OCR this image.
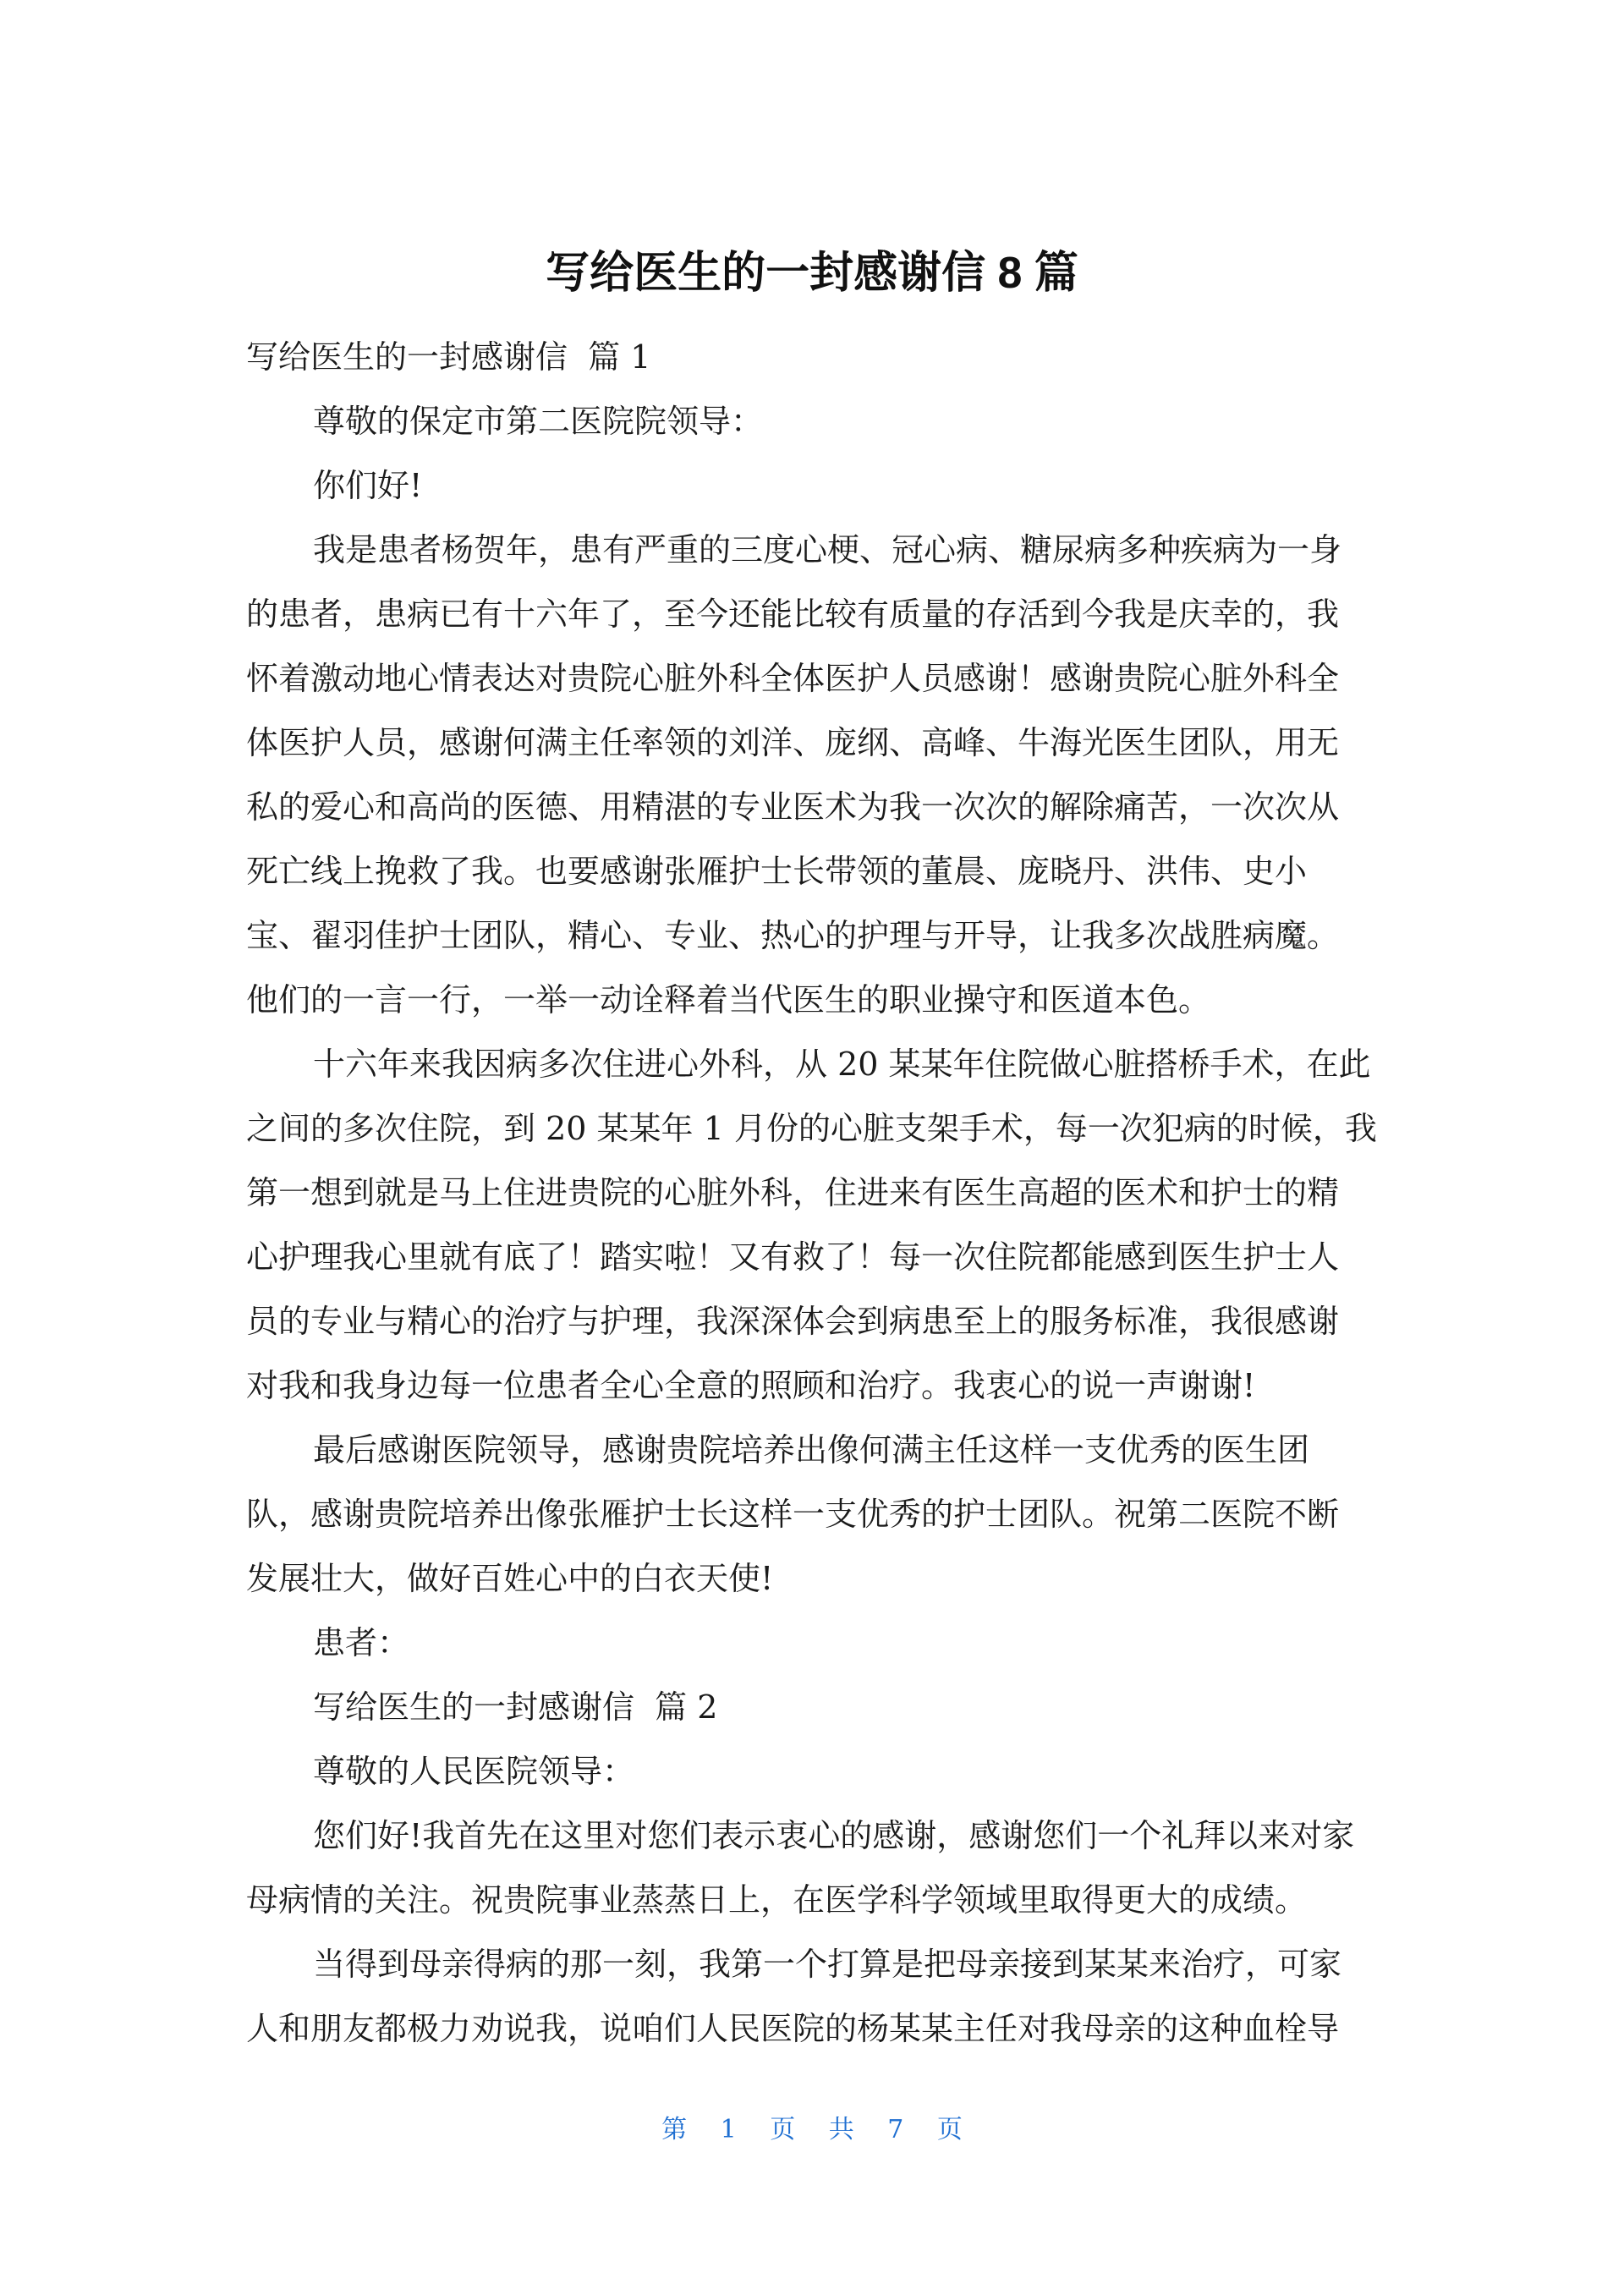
写给医生的一封感谢信 8 篇
写给医生的一封感谢信  篇 1
尊敬的保定市第二医院院领导：
你们好!
我是患者杨贺年，患有严重的三度心梗、冠心病、糖尿病多种疾病为一身
的患者，患病已有十六年了，至今还能比较有质量的存活到今我是庆幸的，我
怀着激动地心情表达对贵院心脏外科全体医护人员感谢！感谢贵院心脏外科全
体医护人员，感谢何满主任率领的刘洋、庞纲、高峰、牛海光医生团队，用无
私的爱心和高尚的医德、用精湛的专业医术为我一次次的解除痛苦，一次次从
死亡线上挽救了我。也要感谢张雁护士长带领的董晨、庞晓丹、洪伟、史小
宝、翟羽佳护士团队，精心、专业、热心的护理与开导，让我多次战胜病魔。
他们的一言一行，一举一动诠释着当代医生的职业操守和医道本色。
十六年来我因病多次住进心外科，从 20 某某年住院做心脏搭桥手术，在此
之间的多次住院，到 20 某某年 1 月份的心脏支架手术，每一次犯病的时候，我
第一想到就是马上住进贵院的心脏外科，住进来有医生高超的医术和护士的精
心护理我心里就有底了！踏实啦！又有救了！每一次住院都能感到医生护士人
员的专业与精心的治疗与护理，我深深体会到病患至上的服务标准，我很感谢
对我和我身边每一位患者全心全意的照顾和治疗。我衷心的说一声谢谢!
最后感谢医院领导，感谢贵院培养出像何满主任这样一支优秀的医生团
队，感谢贵院培养出像张雁护士长这样一支优秀的护士团队。祝第二医院不断
发展壮大，做好百姓心中的白衣天使!
患者：
写给医生的一封感谢信  篇 2
尊敬的人民医院领导：
您们好!我首先在这里对您们表示衷心的感谢，感谢您们一个礼拜以来对家
母病情的关注。祝贵院事业蒸蒸日上，在医学科学领域里取得更大的成绩。
当得到母亲得病的那一刻，我第一个打算是把母亲接到某某来治疗，可家
人和朋友都极力劝说我，说咱们人民医院的杨某某主任对我母亲的这种血栓导
第 1 页 共 7 页
